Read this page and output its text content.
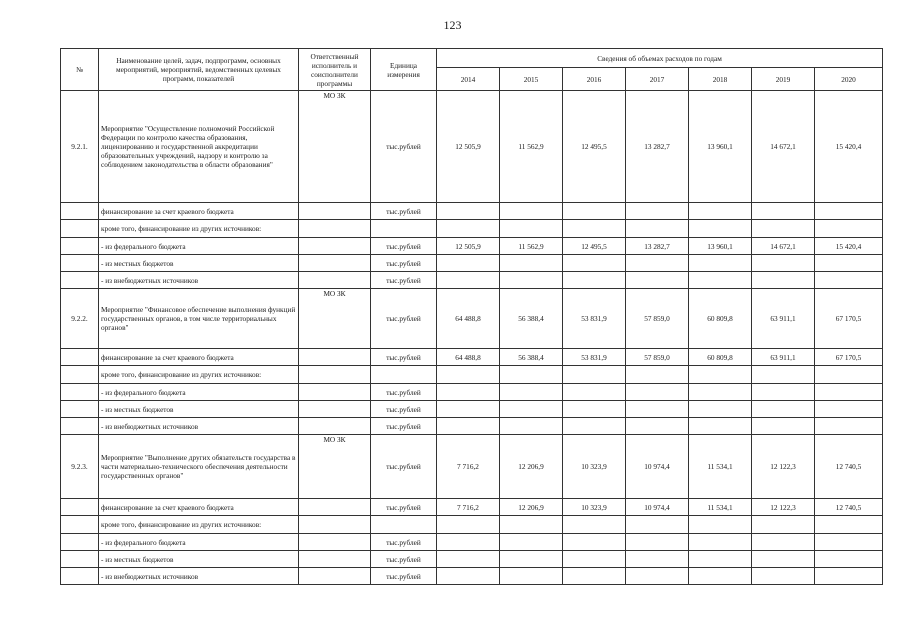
123
№	Наименование целей, задач, подпрограмм, основных мероприятий, мероприятий, ведомственных целевых программ, показателей	Ответственный исполнитель и соисполнители программы	Единица измерения	Сведения об объемах расходов по годам						
				2014	2015	2016	2017	2018	2019	2020
9.2.1.	Мероприятие "Осуществление полномочий Российской Федерации по контролю качества образования, лицензированию и государственной аккредитации образовательных учреждений, надзору и контролю за соблюдением законодательства в области образования"	МО ЗК	тыс.рублей	12 505,9	11 562,9	12 495,5	13 282,7	13 960,1	14 672,1	15 420,4
	финансирование за счет краевого бюджета		тыс.рублей							
	кроме того, финансирование из других источников:									
	- из федерального бюджета		тыс.рублей	12 505,9	11 562,9	12 495,5	13 282,7	13 960,1	14 672,1	15 420,4
	- из местных бюджетов		тыс.рублей							
	- из внебюджетных источников		тыс.рублей							
9.2.2.	Мероприятие "Финансовое обеспечение выполнения функций государственных органов, в том числе территориальных органов"	МО ЗК	тыс.рублей	64 488,8	56 388,4	53 831,9	57 859,0	60 809,8	63 911,1	67 170,5
	финансирование за счет краевого бюджета		тыс.рублей	64 488,8	56 388,4	53 831,9	57 859,0	60 809,8	63 911,1	67 170,5
	кроме того, финансирование из других источников:									
	- из федерального бюджета		тыс.рублей							
	- из местных бюджетов		тыс.рублей							
	- из внебюджетных источников		тыс.рублей							
9.2.3.	Мероприятие "Выполнение других обязательств государства в части материально-технического обеспечения деятельности государственных органов"	МО ЗК	тыс.рублей	7 716,2	12 206,9	10 323,9	10 974,4	11 534,1	12 122,3	12 740,5
	финансирование за счет краевого бюджета		тыс.рублей	7 716,2	12 206,9	10 323,9	10 974,4	11 534,1	12 122,3	12 740,5
	кроме того, финансирование из других источников:									
	- из федерального бюджета		тыс.рублей							
	- из местных бюджетов		тыс.рублей							
	- из внебюджетных источников		тыс.рублей							
